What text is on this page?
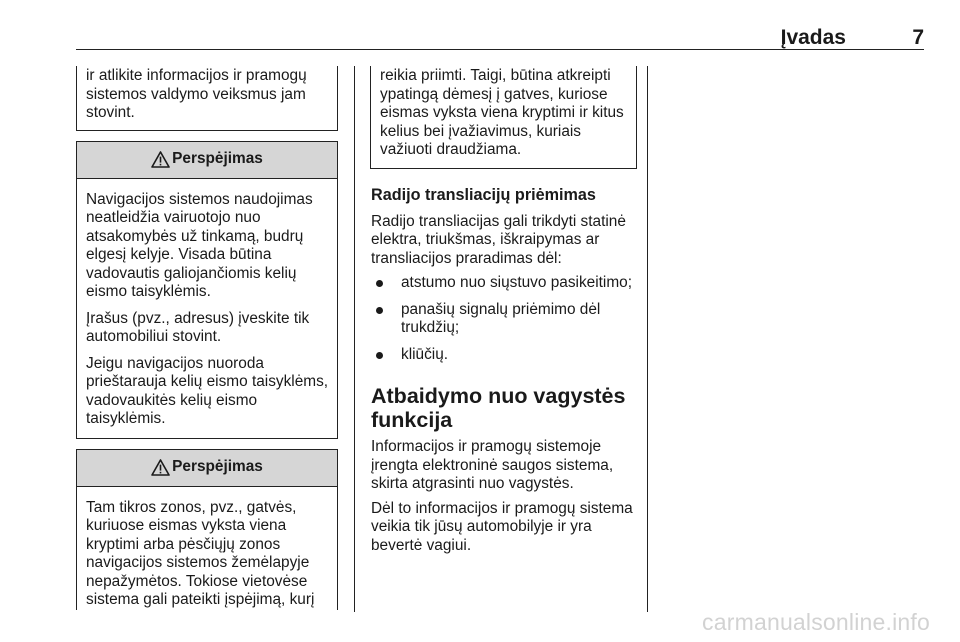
Įvadas	7

ir atlikite informacijos ir pramogų sistemos valdymo veiksmus jam stovint.

Perspėjimas

Navigacijos sistemos naudojimas neatleidžia vairuotojo nuo atsakomybės už tinkamą, budrų elgesį kelyje. Visada būtina vadovautis galiojančiomis kelių eismo taisyklėmis.

Įrašus (pvz., adresus) įveskite tik automobiliui stovint.

Jeigu navigacijos nuoroda prieštarauja kelių eismo taisyklėms, vadovaukitės kelių eismo taisyklėmis.

Perspėjimas

Tam tikros zonos, pvz., gatvės, kuriuose eismas vyksta viena kryptimi arba pėsčiųjų zonos navigacijos sistemos žemėlapyje nepažymėtos. Tokiose vietovėse sistema gali pateikti įspėjimą, kurį

reikia priimti. Taigi, būtina atkreipti ypatingą dėmesį į gatves, kuriose eismas vyksta viena kryptimi ir kitus kelius bei įvažiavimus, kuriais važiuoti draudžiama.

Radijo transliacijų priėmimas

Radijo transliacijas gali trikdyti statinė elektra, triukšmas, iškraipymas ar transliacijos praradimas dėl:

atstumo nuo siųstuvo pasikeitimo;
panašių signalų priėmimo dėl trukdžių;
kliūčių.
Atbaidymo nuo vagystės funkcija

Informacijos ir pramogų sistemoje įrengta elektroninė saugos sistema, skirta atgrasinti nuo vagystės.

Dėl to informacijos ir pramogų sistema veikia tik jūsų automobilyje ir yra bevertė vagiui.

carmanualsonline.info
